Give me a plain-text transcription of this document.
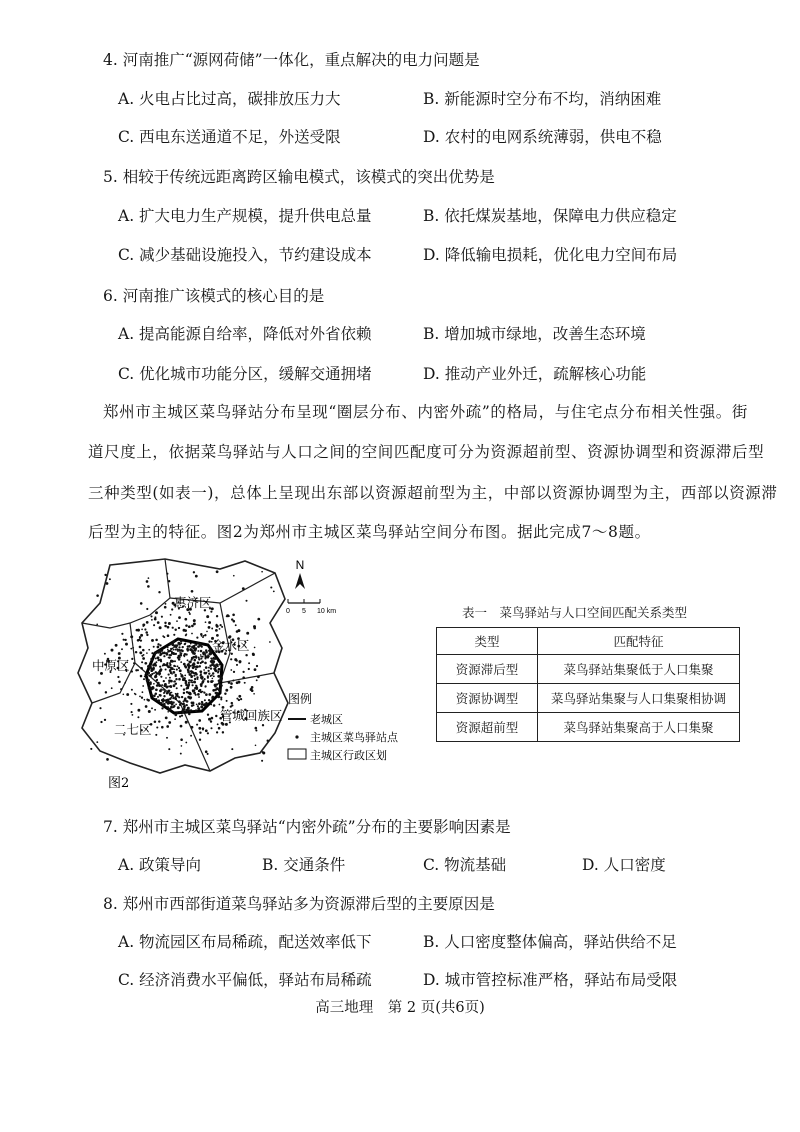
4. 河南推广“源网荷储”一体化，重点解决的电力问题是
A. 火电占比过高，碳排放压力大	B. 新能源时空分布不均，消纳困难
C. 西电东送通道不足，外送受限	D. 农村的电网系统薄弱，供电不稳
5. 相较于传统远距离跨区输电模式，该模式的突出优势是
A. 扩大电力生产规模，提升供电总量	B. 依托煤炭基地，保障电力供应稳定
C. 减少基础设施投入，节约建设成本	D. 降低输电损耗，优化电力空间布局
6. 河南推广该模式的核心目的是
A. 提高能源自给率，降低对外省依赖	B. 增加城市绿地，改善生态环境
C. 优化城市功能分区，缓解交通拥堵	D. 推动产业外迁，疏解核心功能
郑州市主城区菜鸟驿站分布呈现“圈层分布、内密外疏”的格局，与住宅点分布相关性强。街
道尺度上，依据菜鸟驿站与人口之间的空间匹配度可分为资源超前型、资源协调型和资源滞后型
三种类型(如表一)，总体上呈现出东部以资源超前型为主，中部以资源协调型为主，西部以资源滞
后型为主的特征。图2为郑州市主城区菜鸟驿站空间分布图。据此完成7～8题。
N
0 5 10 km
惠济区
金水区
中原区
管城回族区
二七区
图例
老城区
主城区菜鸟驿站点
主城区行政区划
图2
表一　菜鸟驿站与人口空间匹配关系类型
类型	匹配特征
资源滞后型	菜鸟驿站集聚低于人口集聚
资源协调型	菜鸟驿站集聚与人口集聚相协调
资源超前型	菜鸟驿站集聚高于人口集聚
7. 郑州市主城区菜鸟驿站“内密外疏”分布的主要影响因素是
A. 政策导向	B. 交通条件	C. 物流基础	D. 人口密度
8. 郑州市西部街道菜鸟驿站多为资源滞后型的主要原因是
A. 物流园区布局稀疏，配送效率低下	B. 人口密度整体偏高，驿站供给不足
C. 经济消费水平偏低，驿站布局稀疏	D. 城市管控标准严格，驿站布局受限
高三地理　第 2 页(共6页)
